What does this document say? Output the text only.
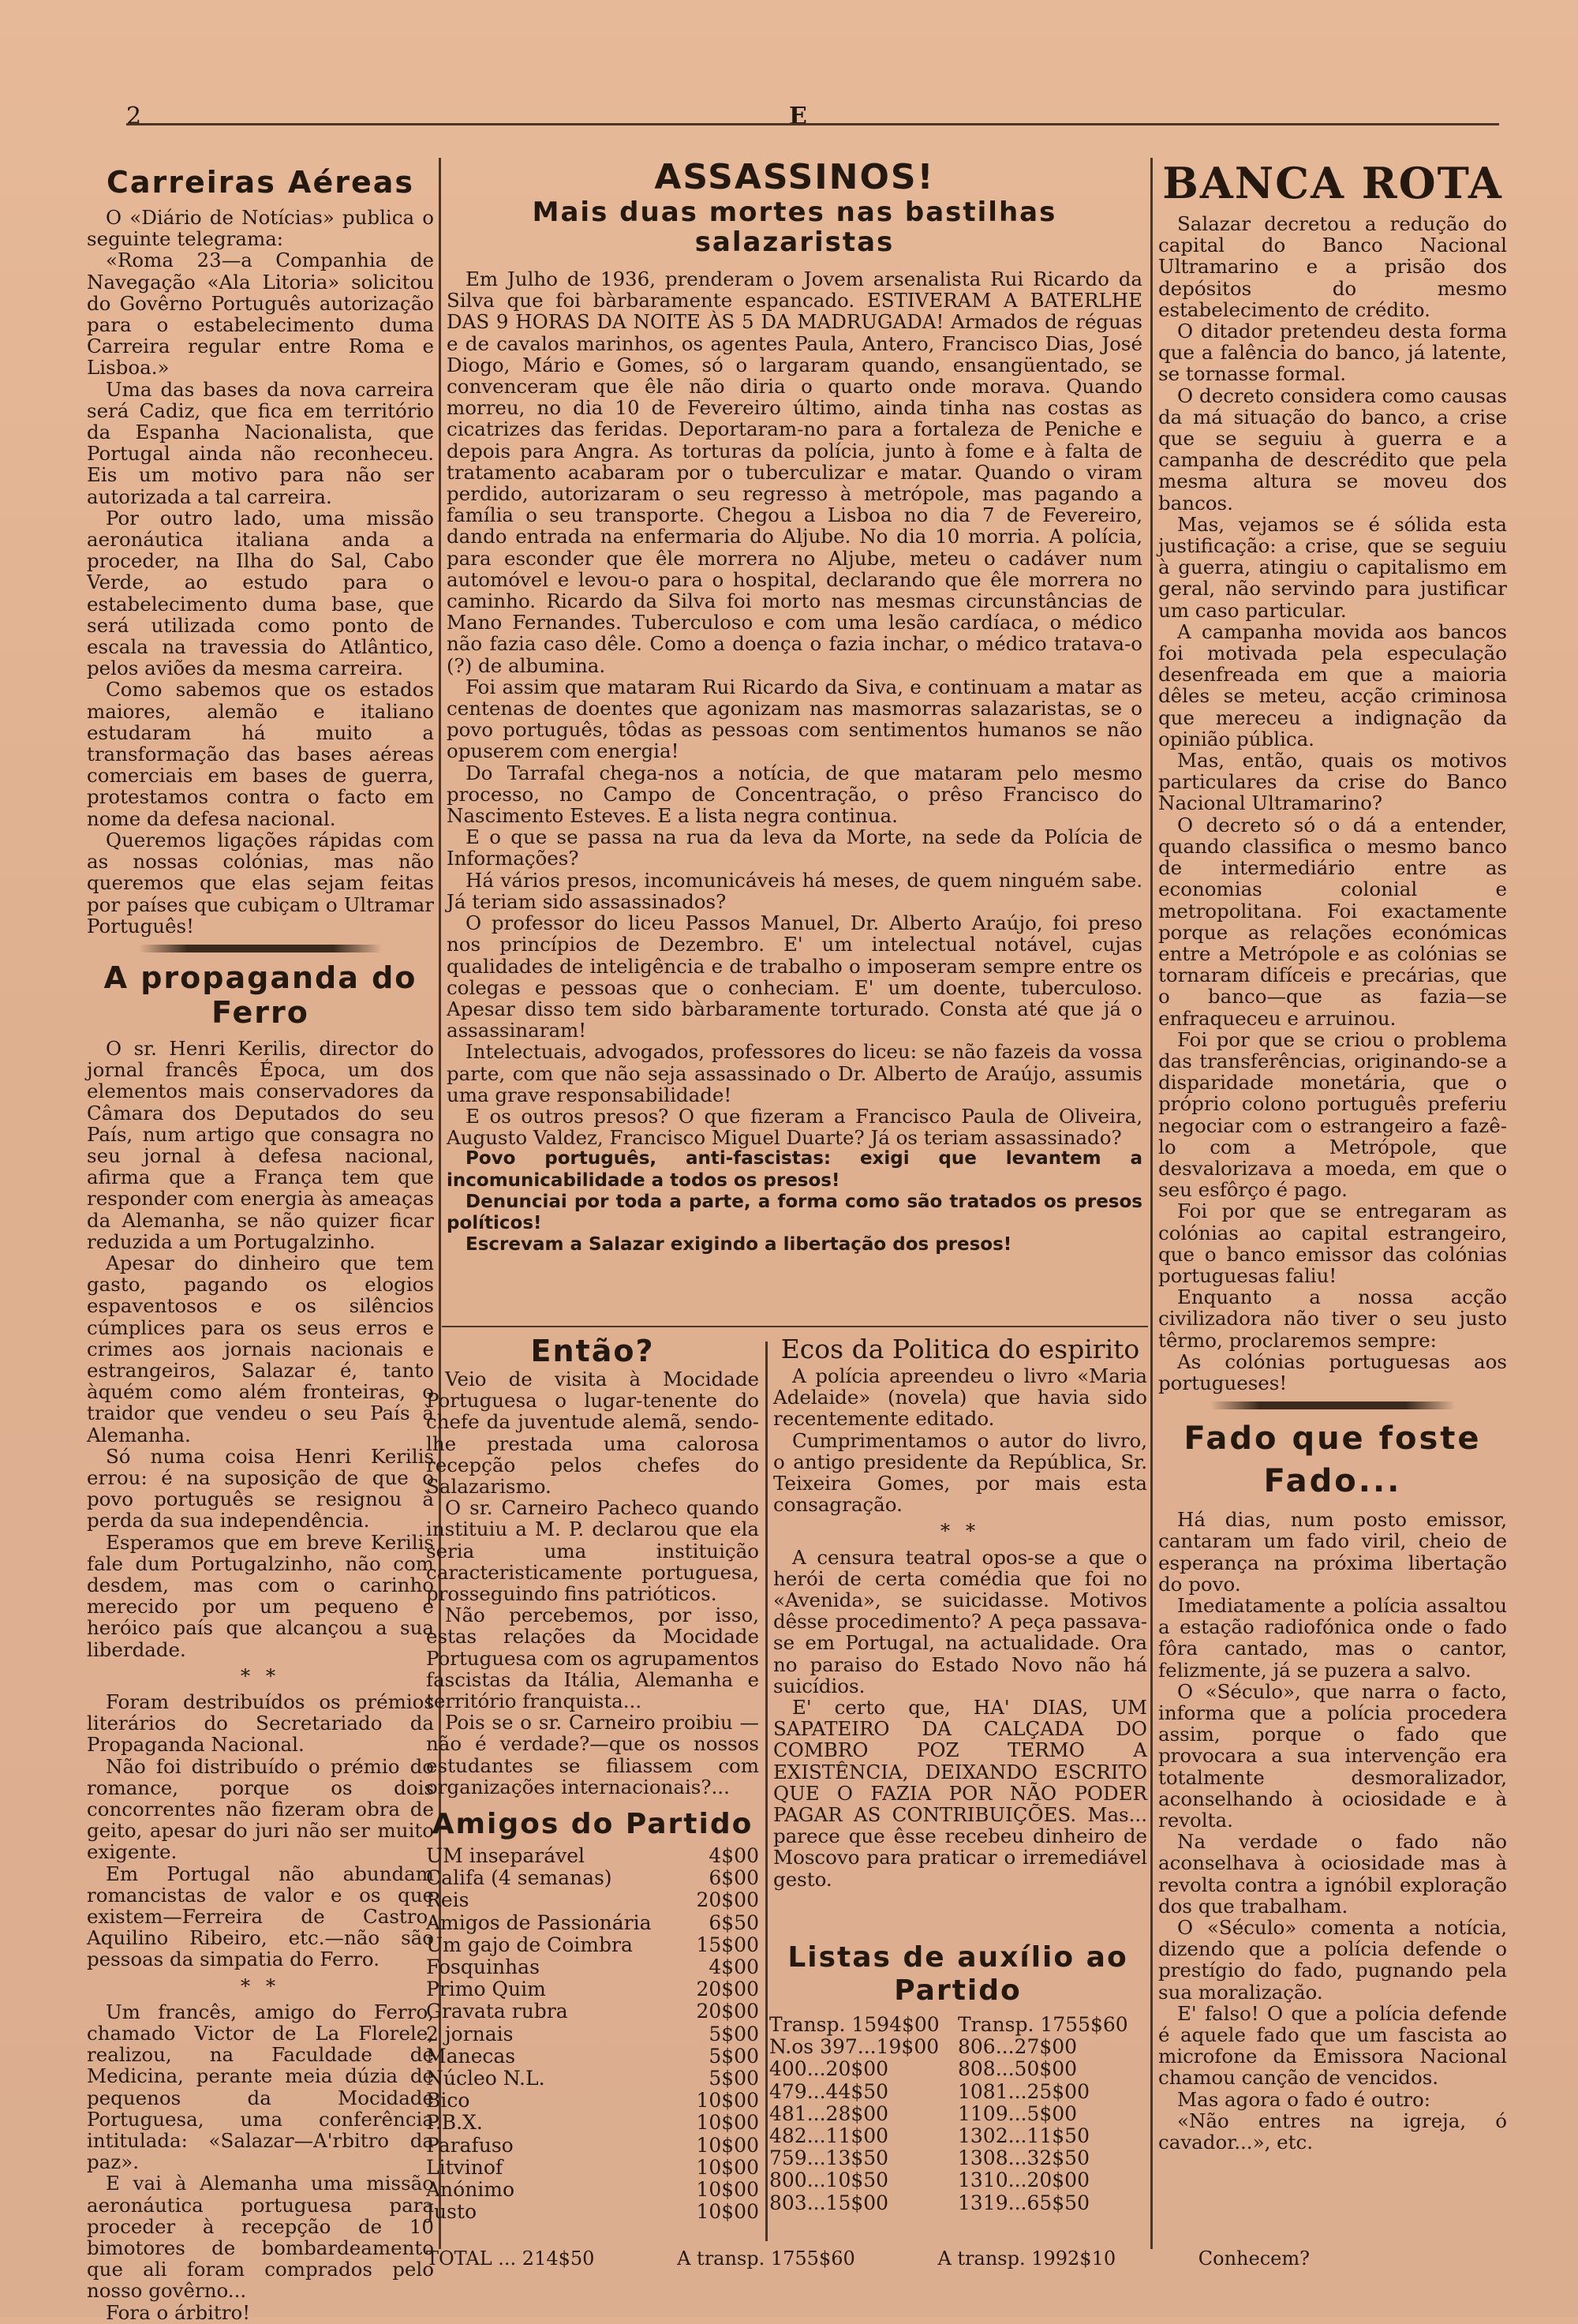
2	E
Carreiras Aéreas

O «Diário de Notícias» publica o seguinte telegrama:

«Roma 23—a Companhia de Navegação «Ala Litoria» solicitou do Govêrno Português autorização para o estabelecimento duma Carreira regular entre Roma e Lisboa.»

Uma das bases da nova carreira será Cadiz, que fica em território da Espanha Nacionalista, que Portugal ainda não reconheceu. Eis um motivo para não ser autorizada a tal carreira.

Por outro lado, uma missão aeronáutica italiana anda a proceder, na Ilha do Sal, Cabo Verde, ao estudo para o estabelecimento duma base, que será utilizada como ponto de escala na travessia do Atlântico, pelos aviões da mesma carreira.

Como sabemos que os estados maiores, alemão e italiano estudaram há muito a transformação das bases aéreas comerciais em bases de guerra, protestamos contra o facto em nome da defesa nacional.

Queremos ligações rápidas com as nossas colónias, mas não queremos que elas sejam feitas por países que cubiçam o Ultramar Português!

A propaganda do Ferro

O sr. Henri Kerilis, director do jornal francês Época, um dos elementos mais conservadores da Câmara dos Deputados do seu País, num artigo que consagra no seu jornal à defesa nacional, afirma que a França tem que responder com energia às ameaças da Alemanha, se não quizer ficar reduzida a um Portugalzinho.

Apesar do dinheiro que tem gasto, pagando os elogios espaventosos e os silêncios cúmplices para os seus erros e crimes aos jornais nacionais e estrangeiros, Salazar é, tanto àquém como além fronteiras, o traidor que vendeu o seu País à Alemanha.

Só numa coisa Henri Kerilis errou: é na suposição de que o povo português se resignou à perda da sua independência.

Esperamos que em breve Kerilis fale dum Portugalzinho, não com desdem, mas com o carinho merecido por um pequeno e heróico país que alcançou a sua liberdade.

* *

Foram destribuídos os prémios literários do Secretariado da Propaganda Nacional.

Não foi distribuído o prémio do romance, porque os dois concorrentes não fizeram obra de geito, apesar do juri não ser muito exigente.

Em Portugal não abundam romancistas de valor e os que existem—Ferreira de Castro, Aquilino Ribeiro, etc.—não são pessoas da simpatia do Ferro.

* *

Um francês, amigo do Ferro, chamado Victor de La Florele, realizou, na Faculdade de Medicina, perante meia dúzia de pequenos da Mocidade Portuguesa, uma conferência intitulada: «Salazar—A'rbitro da paz».

E vai à Alemanha uma missão aeronáutica portuguesa para proceder à recepção de 10 bimotores de bombardeamento que ali foram comprados pelo nosso govêrno...

Fora o árbitro!

ASSASSINOS!
Mais duas mortes nas bastilhas salazaristas

Em Julho de 1936, prenderam o Jovem arsenalista Rui Ricardo da Silva que foi bàrbaramente espancado. ESTIVERAM A BATERLHE DAS 9 HORAS DA NOITE ÀS 5 DA MADRUGADA! Armados de réguas e de cavalos marinhos, os agentes Paula, Antero, Francisco Dias, José Diogo, Mário e Gomes, só o largaram quando, ensangüentado, se convenceram que êle não diria o quarto onde morava. Quando morreu, no dia 10 de Fevereiro último, ainda tinha nas costas as cicatrizes das feridas. Deportaram-no para a fortaleza de Peniche e depois para Angra. As torturas da polícia, junto à fome e à falta de tratamento acabaram por o tuberculizar e matar. Quando o viram perdido, autorizaram o seu regresso à metrópole, mas pagando a família o seu transporte. Chegou a Lisboa no dia 7 de Fevereiro, dando entrada na enfermaria do Aljube. No dia 10 morria. A polícia, para esconder que êle morrera no Aljube, meteu o cadáver num automóvel e levou-o para o hospital, declarando que êle morrera no caminho. Ricardo da Silva foi morto nas mesmas circunstâncias de Mano Fernandes. Tuberculoso e com uma lesão cardíaca, o médico não fazia caso dêle. Como a doença o fazia inchar, o médico tratava-o (?) de albumina.

Foi assim que mataram Rui Ricardo da Siva, e continuam a matar as centenas de doentes que agonizam nas masmorras salazaristas, se o povo português, tôdas as pessoas com sentimentos humanos se não opuserem com energia!

Do Tarrafal chega-nos a notícia, de que mataram pelo mesmo processo, no Campo de Concentração, o prêso Francisco do Nascimento Esteves. E a lista negra continua.

E o que se passa na rua da leva da Morte, na sede da Polícia de Informações?

Há vários presos, incomunicáveis há meses, de quem ninguém sabe. Já teriam sido assassinados?

O professor do liceu Passos Manuel, Dr. Alberto Araújo, foi preso nos princípios de Dezembro. E' um intelectual notável, cujas qualidades de inteligência e de trabalho o imposeram sempre entre os colegas e pessoas que o conheciam. E' um doente, tuberculoso. Apesar disso tem sido bàrbaramente torturado. Consta até que já o assassinaram!

Intelectuais, advogados, professores do liceu: se não fazeis da vossa parte, com que não seja assassinado o Dr. Alberto de Araújo, assumis uma grave responsabilidade!

E os outros presos? O que fizeram a Francisco Paula de Oliveira, Augusto Valdez, Francisco Miguel Duarte? Já os teriam assassinado?

Povo português, anti-fascistas: exigi que levantem a incomunicabilidade a todos os presos!

Denunciai por toda a parte, a forma como são tratados os presos políticos!

Escrevam a Salazar exigindo a libertação dos presos!

Então?

Veio de visita à Mocidade Portuguesa o lugar-tenente do chefe da juventude alemã, sendo-lhe prestada uma calorosa recepção pelos chefes do Salazarismo.

O sr. Carneiro Pacheco quando instituiu a M. P. declarou que ela seria uma instituição caracteristicamente portuguesa, prosseguindo fins patrióticos.

Não percebemos, por isso, estas relações da Mocidade Portuguesa com os agrupamentos fascistas da Itália, Alemanha e território franquista...

Pois se o sr. Carneiro proibiu —não é verdade?—que os nossos estudantes se filiassem com organizações internacionais?...

Amigos do Partido
UM inseparável	4$00
Califa (4 semanas)	6$00
Reis	20$00
Amigos de Passionária	6$50
Um gajo de Coimbra	15$00
Fosquinhas	4$00
Primo Quim	20$00
Gravata rubra	20$00
2 jornais	5$00
Manecas	5$00
Núcleo N.L.	5$00
Bico	10$00
P.B.X.	10$00
Parafuso	10$00
Litvinof	10$00
Anónimo	10$00
Justo	10$00
Ecos da Politica do espirito

A polícia apreendeu o livro «Maria Adelaide» (novela) que havia sido recentemente editado.

Cumprimentamos o autor do livro, o antigo presidente da República, Sr. Teixeira Gomes, por mais esta consagração.

* *

A censura teatral opos-se a que o herói de certa comédia que foi no «Avenida», se suicidasse. Motivos dêsse procedimento? A peça passava-se em Portugal, na actualidade. Ora no paraiso do Estado Novo não há suicídios.

E' certo que, HA' DIAS, UM SAPATEIRO DA CALÇADA DO COMBRO POZ TERMO A EXISTÊNCIA, DEIXANDO ESCRITO QUE O FAZIA POR NÃO PODER PAGAR AS CONTRIBUIÇÕES. Mas... parece que êsse recebeu dinheiro de Moscovo para praticar o irremediável gesto.

Listas de auxílio ao Partido
Transp. 1594$00 Transp. 1755$60
N.os 397...19$00 806...27$00
400...20$00	808...50$00
479...44$50	1081...25$00
481...28$00	1109...5$00
482...11$00	1302...11$50
759...13$50	1308...32$50
800...10$50	1310...20$00
803...15$00	1319...65$50
BANCA ROTA

Salazar decretou a redução do capital do Banco Nacional Ultramarino e a prisão dos depósitos do mesmo estabelecimento de crédito.

O ditador pretendeu desta forma que a falência do banco, já latente, se tornasse formal.

O decreto considera como causas da má situação do banco, a crise que se seguiu à guerra e a campanha de descrédito que pela mesma altura se moveu dos bancos.

Mas, vejamos se é sólida esta justificação: a crise, que se seguiu à guerra, atingiu o capitalismo em geral, não servindo para justificar um caso particular.

A campanha movida aos bancos foi motivada pela especulação desenfreada em que a maioria dêles se meteu, acção criminosa que mereceu a indignação da opinião pública.

Mas, então, quais os motivos particulares da crise do Banco Nacional Ultramarino?

O decreto só o dá a entender, quando classifica o mesmo banco de intermediário entre as economias colonial e metropolitana. Foi exactamente porque as relações económicas entre a Metrópole e as colónias se tornaram difíceis e precárias, que o banco—que as fazia—se enfraqueceu e arruinou.

Foi por que se criou o problema das transferências, originando-se a disparidade monetária, que o próprio colono português preferiu negociar com o estrangeiro a fazê-lo com a Metrópole, que desvalorizava a moeda, em que o seu esfôrço é pago.

Foi por que se entregaram as colónias ao capital estrangeiro, que o banco emissor das colónias portuguesas faliu!

Enquanto a nossa acção civilizadora não tiver o seu justo têrmo, proclaremos sempre:

As colónias portuguesas aos portugueses!

Fado que foste Fado...

Há dias, num posto emissor, cantaram um fado viril, cheio de esperança na próxima libertação do povo.

Imediatamente a polícia assaltou a estação radiofónica onde o fado fôra cantado, mas o cantor, felizmente, já se puzera a salvo.

O «Século», que narra o facto, informa que a polícia procedera assim, porque o fado que provocara a sua intervenção era totalmente desmoralizador, aconselhando à ociosidade e à revolta.

Na verdade o fado não aconselhava à ociosidade mas à revolta contra a ignóbil exploração dos que trabalham.

O «Século» comenta a notícia, dizendo que a polícia defende o prestígio do fado, pugnando pela sua moralização.

E' falso! O que a polícia defende é aquele fado que um fascista ao microfone da Emissora Nacional chamou canção de vencidos.

Mas agora o fado é outro:

«Não entres na igreja, ó cavador...», etc.

TOTAL ... 214$50	A transp. 1755$60	A transp. 1992$10	Conhecem?
